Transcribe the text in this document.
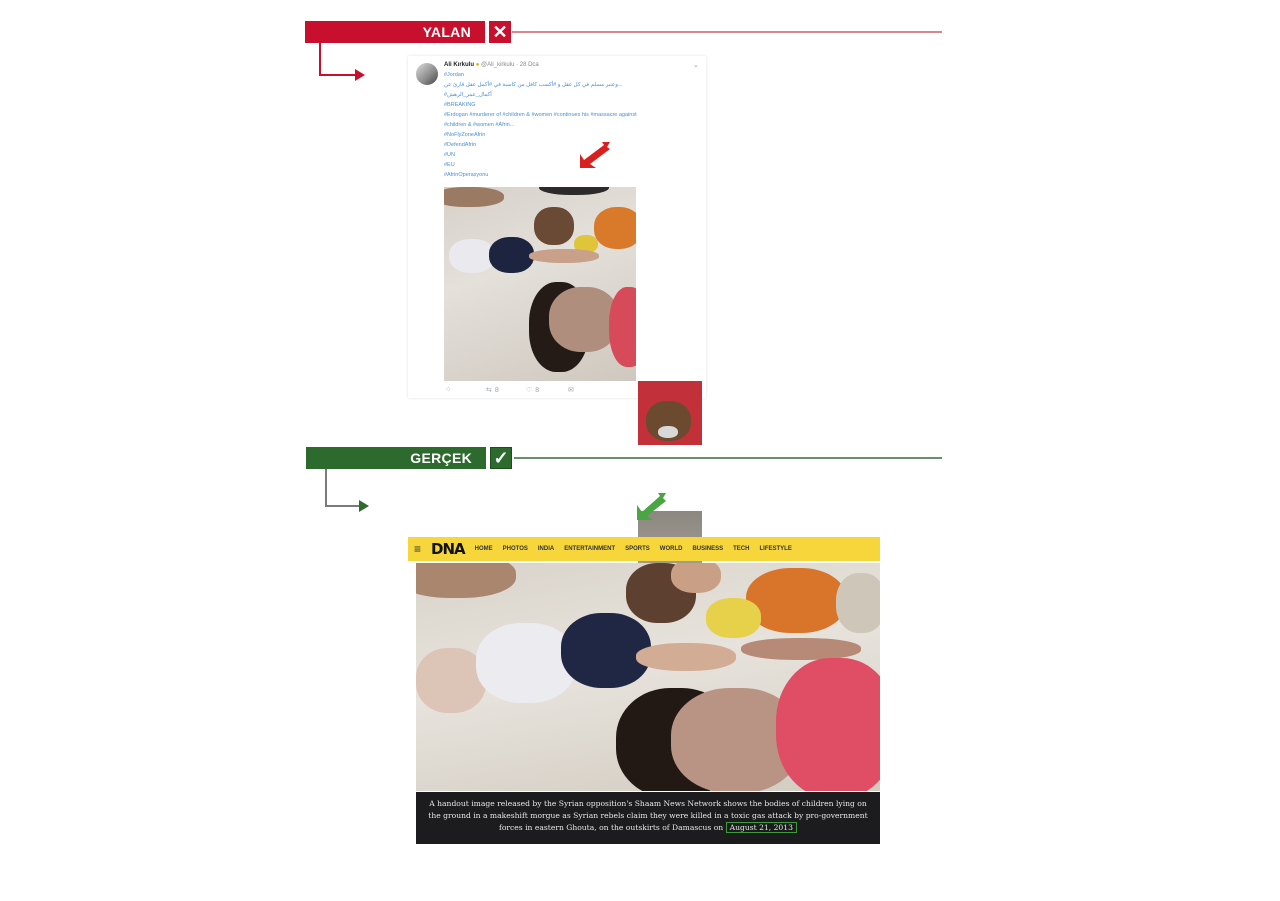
YALAN ✕
Ali Kırkulu ● @Ali_kirkulu · 28 Dca	⌄
#Jordan
...وعنبر مسلم في كل عقل و #أكسب كافل من كاسبة في #أكمل عقل قارئ عن
#أكمال_عمر_الرهش
#BREAKING
#Erdogan #murderer of #children & #women #continues his #massacre against
#children & #women #Afrin...
#NoFlyZoneAfrin
#DefendAfrin
#UN
#EU
#AfrinOperasyonu
○	⇆ 8	♡ 8	✉
GERÇEK ✓
≡ DNA HOME PHOTOS INDIA ENTERTAINMENT SPORTS WORLD BUSINESS TECH LIFESTYLE
A handout image released by the Syrian opposition's Shaam News Network shows the bodies of children lying on the ground in a makeshift morgue as Syrian rebels claim they were killed in a toxic gas attack by pro-government forces in eastern Ghouta, on the outskirts of Damascus on August 21, 2013
